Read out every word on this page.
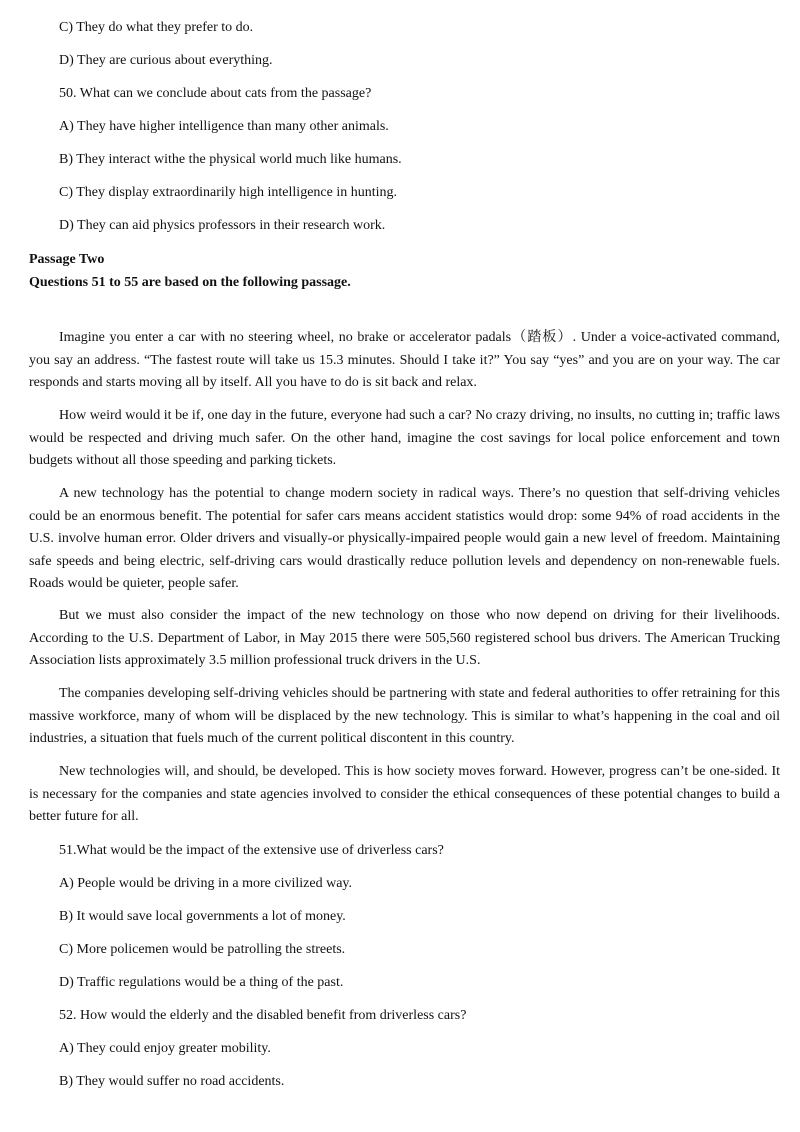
C) They do what they prefer to do.
D) They are curious about everything.
50. What can we conclude about cats from the passage?
A) They have higher intelligence than many other animals.
B) They interact withe the physical world much like humans.
C) They display extraordinarily high intelligence in hunting.
D) They can aid physics professors in their research work.
Passage Two
Questions 51 to 55 are based on the following passage.

Imagine you enter a car with no steering wheel, no brake or accelerator padals（踏板）. Under a voice-activated command, you say an address. “The fastest route will take us 15.3 minutes. Should I take it?” You say “yes” and you are on your way. The car responds and starts moving all by itself. All you have to do is sit back and relax.

How weird would it be if, one day in the future, everyone had such a car? No crazy driving, no insults, no cutting in; traffic laws would be respected and driving much safer. On the other hand, imagine the cost savings for local police enforcement and town budgets without all those speeding and parking tickets.

A new technology has the potential to change modern society in radical ways. There’s no question that self-driving vehicles could be an enormous benefit. The potential for safer cars means accident statistics would drop: some 94% of road accidents in the U.S. involve human error. Older drivers and visually-or physically-impaired people would gain a new level of freedom. Maintaining safe speeds and being electric, self-driving cars would drastically reduce pollution levels and dependency on non-renewable fuels. Roads would be quieter, people safer.

But we must also consider the impact of the new technology on those who now depend on driving for their livelihoods. According to the U.S. Department of Labor, in May 2015 there were 505,560 registered school bus drivers. The American Trucking Association lists approximately 3.5 million professional truck drivers in the U.S.

The companies developing self-driving vehicles should be partnering with state and federal authorities to offer retraining for this massive workforce, many of whom will be displaced by the new technology. This is similar to what’s happening in the coal and oil industries, a situation that fuels much of the current political discontent in this country.

New technologies will, and should, be developed. This is how society moves forward. However, progress can’t be one-sided. It is necessary for the companies and state agencies involved to consider the ethical consequences of these potential changes to build a better future for all.

51.What would be the impact of the extensive use of driverless cars?
A) People would be driving in a more civilized way.
B) It would save local governments a lot of money.
C) More policemen would be patrolling the streets.
D) Traffic regulations would be a thing of the past.
52. How would the elderly and the disabled benefit from driverless cars?
A) They could enjoy greater mobility.
B) They would suffer no road accidents.
